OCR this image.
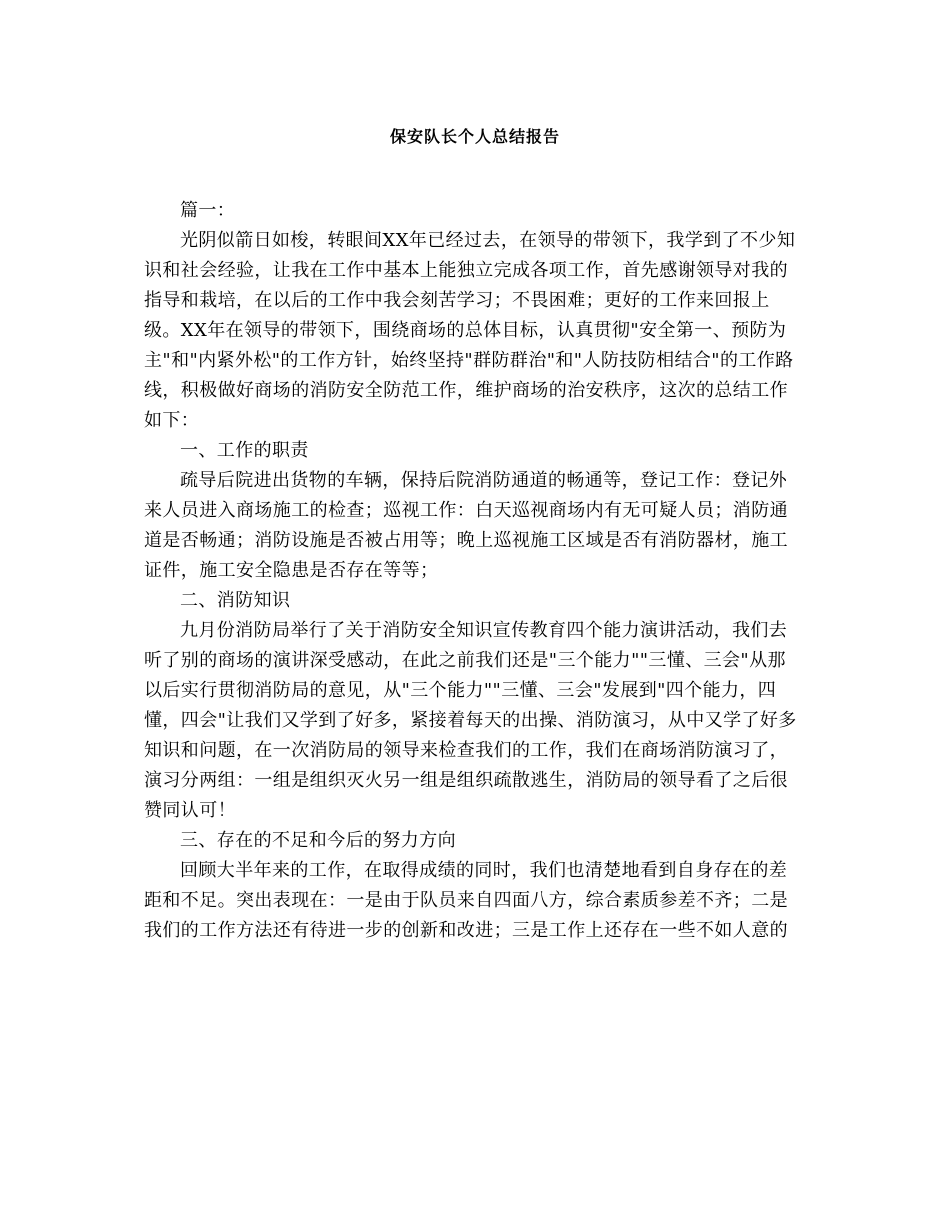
保安队长个人总结报告

篇一：

光阴似箭日如梭，转眼间XX年已经过去，在领导的带领下，我学到了不少知识和社会经验，让我在工作中基本上能独立完成各项工作，首先感谢领导对我的指导和栽培，在以后的工作中我会刻苦学习；不畏困难；更好的工作来回报上级。XX年在领导的带领下，围绕商场的总体目标，认真贯彻"安全第一、预防为主"和"内紧外松"的工作方针，始终坚持"群防群治"和"人防技防相结合"的工作路线，积极做好商场的消防安全防范工作，维护商场的治安秩序，这次的总结工作如下：

一、工作的职责

疏导后院进出货物的车辆，保持后院消防通道的畅通等，登记工作：登记外来人员进入商场施工的检查；巡视工作：白天巡视商场内有无可疑人员；消防通道是否畅通；消防设施是否被占用等；晚上巡视施工区域是否有消防器材，施工证件，施工安全隐患是否存在等等；

二、消防知识

九月份消防局举行了关于消防安全知识宣传教育四个能力演讲活动，我们去听了别的商场的演讲深受感动，在此之前我们还是"三个能力""三懂、三会"从那以后实行贯彻消防局的意见，从"三个能力""三懂、三会"发展到"四个能力，四懂，四会"让我们又学到了好多，紧接着每天的出操、消防演习，从中又学了好多知识和问题，在一次消防局的领导来检查我们的工作，我们在商场消防演习了，演习分两组：一组是组织灭火另一组是组织疏散逃生，消防局的领导看了之后很赞同认可！

三、存在的不足和今后的努力方向

回顾大半年来的工作，在取得成绩的同时，我们也清楚地看到自身存在的差距和不足。突出表现在：一是由于队员来自四面八方，综合素质参差不齐；二是我们的工作方法还有待进一步的创新和改进；三是工作上还存在一些不如人意的
